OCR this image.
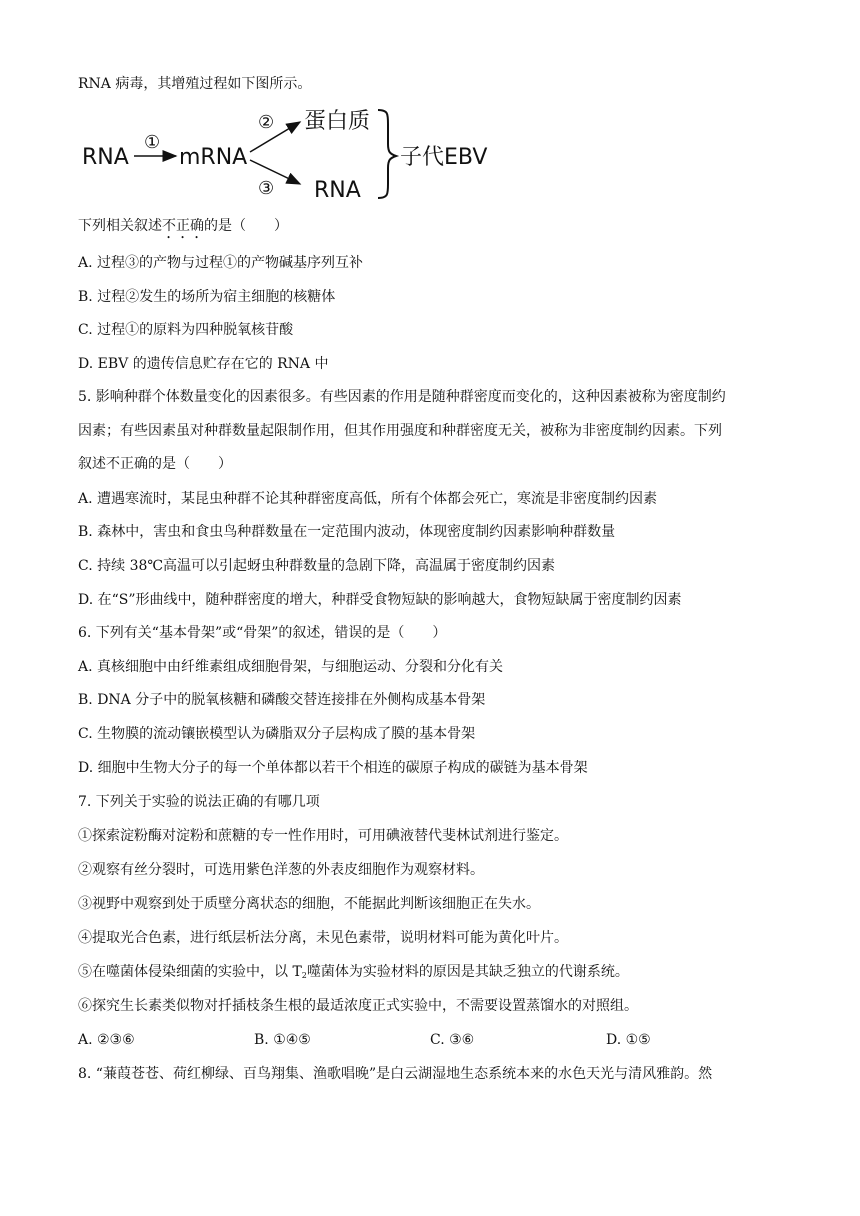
RNA 病毒，其增殖过程如下图所示。
RNA
①
mRNA
②
③
蛋白质
RNA
子代EBV
下列相关叙述不正确的是（　　）
A. 过程③的产物与过程①的产物碱基序列互补
B. 过程②发生的场所为宿主细胞的核糖体
C. 过程①的原料为四种脱氧核苷酸
D. EBV 的遗传信息贮存在它的 RNA 中
5. 影响种群个体数量变化的因素很多。有些因素的作用是随种群密度而变化的，这种因素被称为密度制约
因素；有些因素虽对种群数量起限制作用，但其作用强度和种群密度无关，被称为非密度制约因素。下列
叙述不正确的是（　　）
A. 遭遇寒流时，某昆虫种群不论其种群密度高低，所有个体都会死亡，寒流是非密度制约因素
B. 森林中，害虫和食虫鸟种群数量在一定范围内波动，体现密度制约因素影响种群数量
C. 持续 38℃高温可以引起蚜虫种群数量的急剧下降，高温属于密度制约因素
D. 在“S”形曲线中，随种群密度的增大，种群受食物短缺的影响越大，食物短缺属于密度制约因素
6. 下列有关“基本骨架”或“骨架”的叙述，错误的是（　　）
A. 真核细胞中由纤维素组成细胞骨架，与细胞运动、分裂和分化有关
B. DNA 分子中的脱氧核糖和磷酸交替连接排在外侧构成基本骨架
C. 生物膜的流动镶嵌模型认为磷脂双分子层构成了膜的基本骨架
D. 细胞中生物大分子的每一个单体都以若干个相连的碳原子构成的碳链为基本骨架
7. 下列关于实验的说法正确的有哪几项
①探索淀粉酶对淀粉和蔗糖的专一性作用时，可用碘液替代斐林试剂进行鉴定。
②观察有丝分裂时，可选用紫色洋葱的外表皮细胞作为观察材料。
③视野中观察到处于质壁分离状态的细胞，不能据此判断该细胞正在失水。
④提取光合色素，进行纸层析法分离，未见色素带，说明材料可能为黄化叶片。
⑤在噬菌体侵染细菌的实验中，以 $T_2$噬菌体为实验材料的原因是其缺乏独立的代谢系统。
⑥探究生长素类似物对扦插枝条生根的最适浓度正式实验中，不需要设置蒸馏水的对照组。
A. ②③⑥	B. ①④⑤	C. ③⑥	D. ①⑤
8. “蒹葭苍苍、荷红柳绿、百鸟翔集、渔歌唱晚”是白云湖湿地生态系统本来的水色天光与清风雅韵。然
